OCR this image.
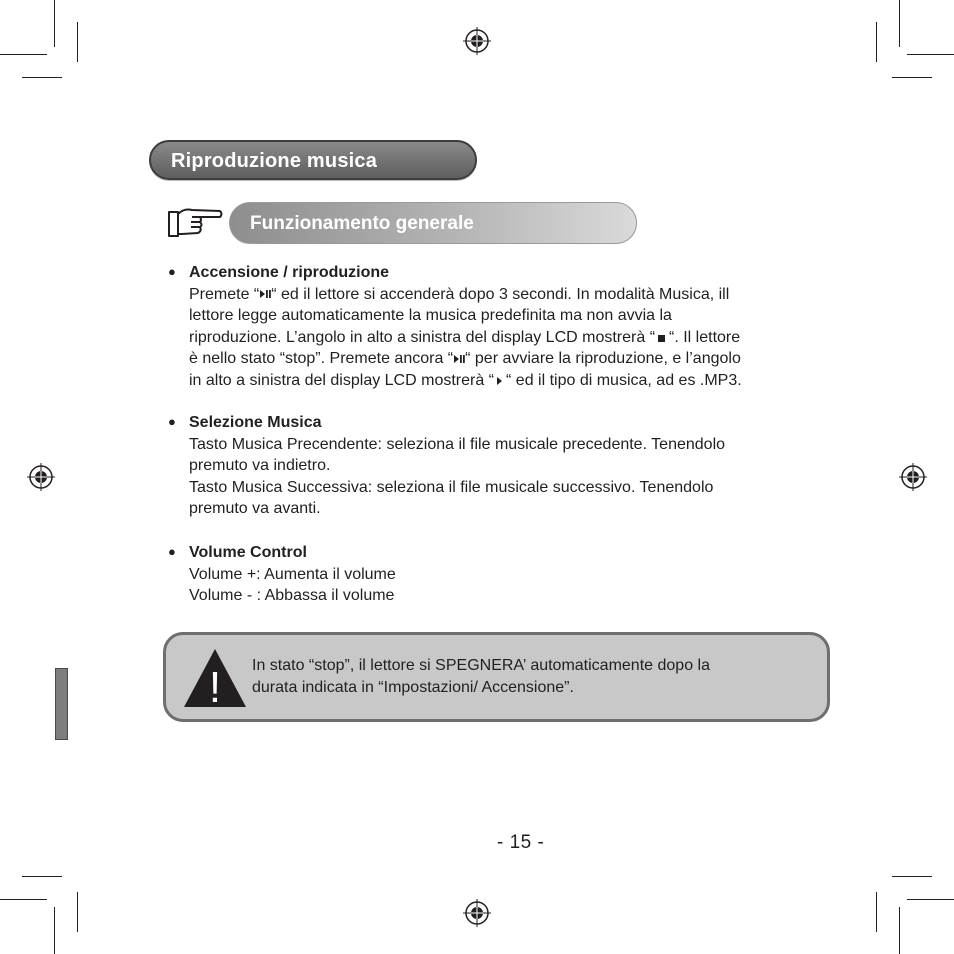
Riproduzione musica
Funzionamento generale
● Accensione / riproduzione
Premete “ “ ed il lettore si accenderà dopo 3 secondi. In modalità Musica, ill
lettore legge automaticamente la musica predefinita ma non avvia la
riproduzione. L’angolo in alto a sinistra del display LCD mostrerà “ “. Il lettore
è nello stato “stop”. Premete ancora “ “ per avviare la riproduzione, e l’angolo
in alto a sinistra del display LCD mostrerà “ “ ed il tipo di musica, ad es .MP3.
● Selezione Musica
Tasto Musica Precendente: seleziona il file musicale precedente. Tenendolo
premuto va indietro.
Tasto Musica Successiva: seleziona il file musicale successivo. Tenendolo
premuto va avanti.
● Volume Control
Volume +: Aumenta il volume
Volume - : Abbassa il volume
! In stato “stop”, il lettore si SPEGNERA’ automaticamente dopo la
durata indicata in “Impostazioni/ Accensione”.
- 15 -
